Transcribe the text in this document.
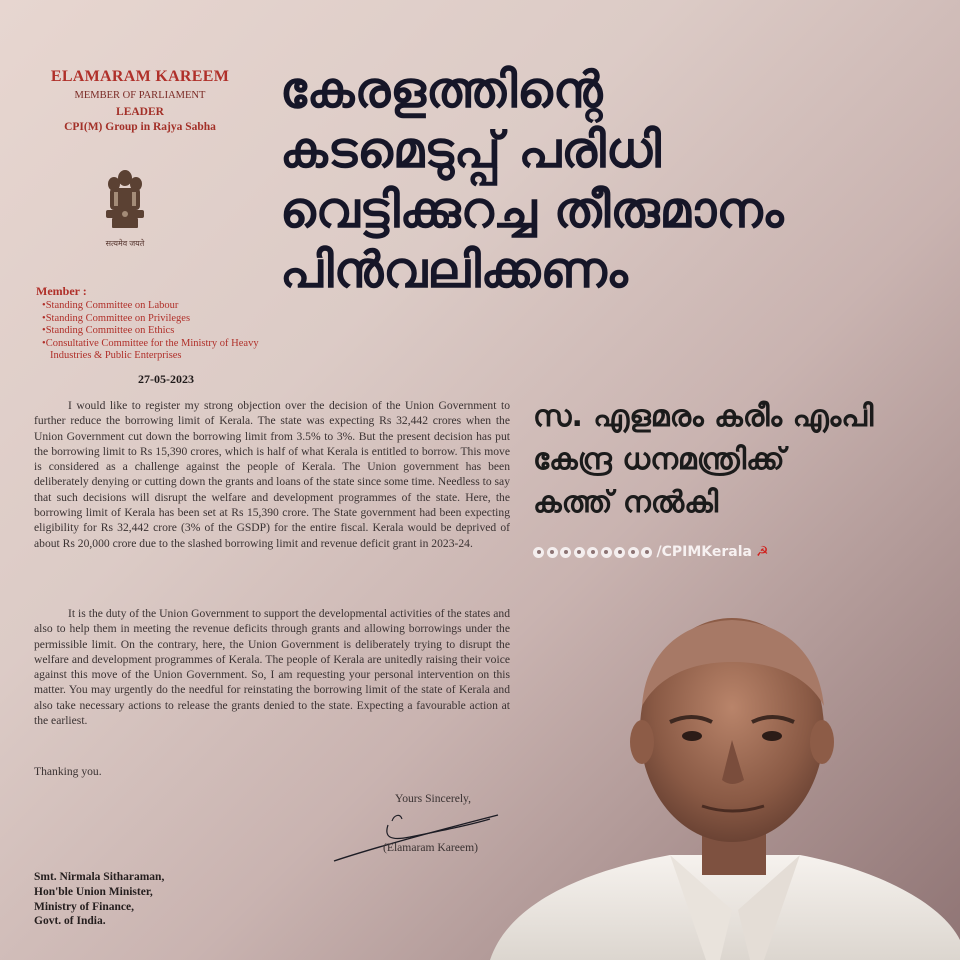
ELAMARAM KAREEM
MEMBER OF PARLIAMENT
LEADER
CPI(M) Group in Rajya Sabha
सत्यमेव जयते
Member :
• Standing Committee on Labour
• Standing Committee on Privileges
• Standing Committee on Ethics
• Consultative Committee for the Ministry of Heavy Industries & Public Enterprises
27-05-2023

I would like to register my strong objection over the decision of the Union Government to further reduce the borrowing limit of Kerala. The state was expecting Rs 32,442 crores when the Union Government cut down the borrowing limit from 3.5% to 3%. But the present decision has put the borrowing limit to Rs 15,390 crores, which is half of what Kerala is entitled to borrow. This move is considered as a challenge against the people of Kerala. The Union government has been deliberately denying or cutting down the grants and loans of the state since some time. Needless to say that such decisions will disrupt the welfare and development programmes of the state. Here, the borrowing limit of Kerala has been set at Rs 15,390 crore. The State government had been expecting eligibility for Rs 32,442 crore (3% of the GSDP) for the entire fiscal. Kerala would be deprived of about Rs 20,000 crore due to the slashed borrowing limit and revenue deficit grant in 2023-24.

It is the duty of the Union Government to support the developmental activities of the states and also to help them in meeting the revenue deficits through grants and allowing borrowings under the permissible limit. On the contrary, here, the Union Government is deliberately trying to disrupt the welfare and development programmes of Kerala. The people of Kerala are unitedly raising their voice against this move of the Union Government. So, I am requesting your personal intervention on this matter. You may urgently do the needful for reinstating the borrowing limit of the state of Kerala and also take necessary actions to release the grants denied to the state. Expecting a favourable action at the earliest.

Thanking you.
Yours Sincerely,
(Elamaram Kareem)
Smt. Nirmala Sitharaman,
Hon'ble Union Minister,
Ministry of Finance,
Govt. of India.
കേരളത്തിന്റെ
കടമെടുപ്പ് പരിധി
വെട്ടിക്കുറച്ച തീരുമാനം
പിൻവലിക്കണം
സ. എളമരം കരീം എംപി
കേന്ദ്ര ധനമന്ത്രിക്ക്
കത്ത് നൽകി
/CPIMKerala ☭
